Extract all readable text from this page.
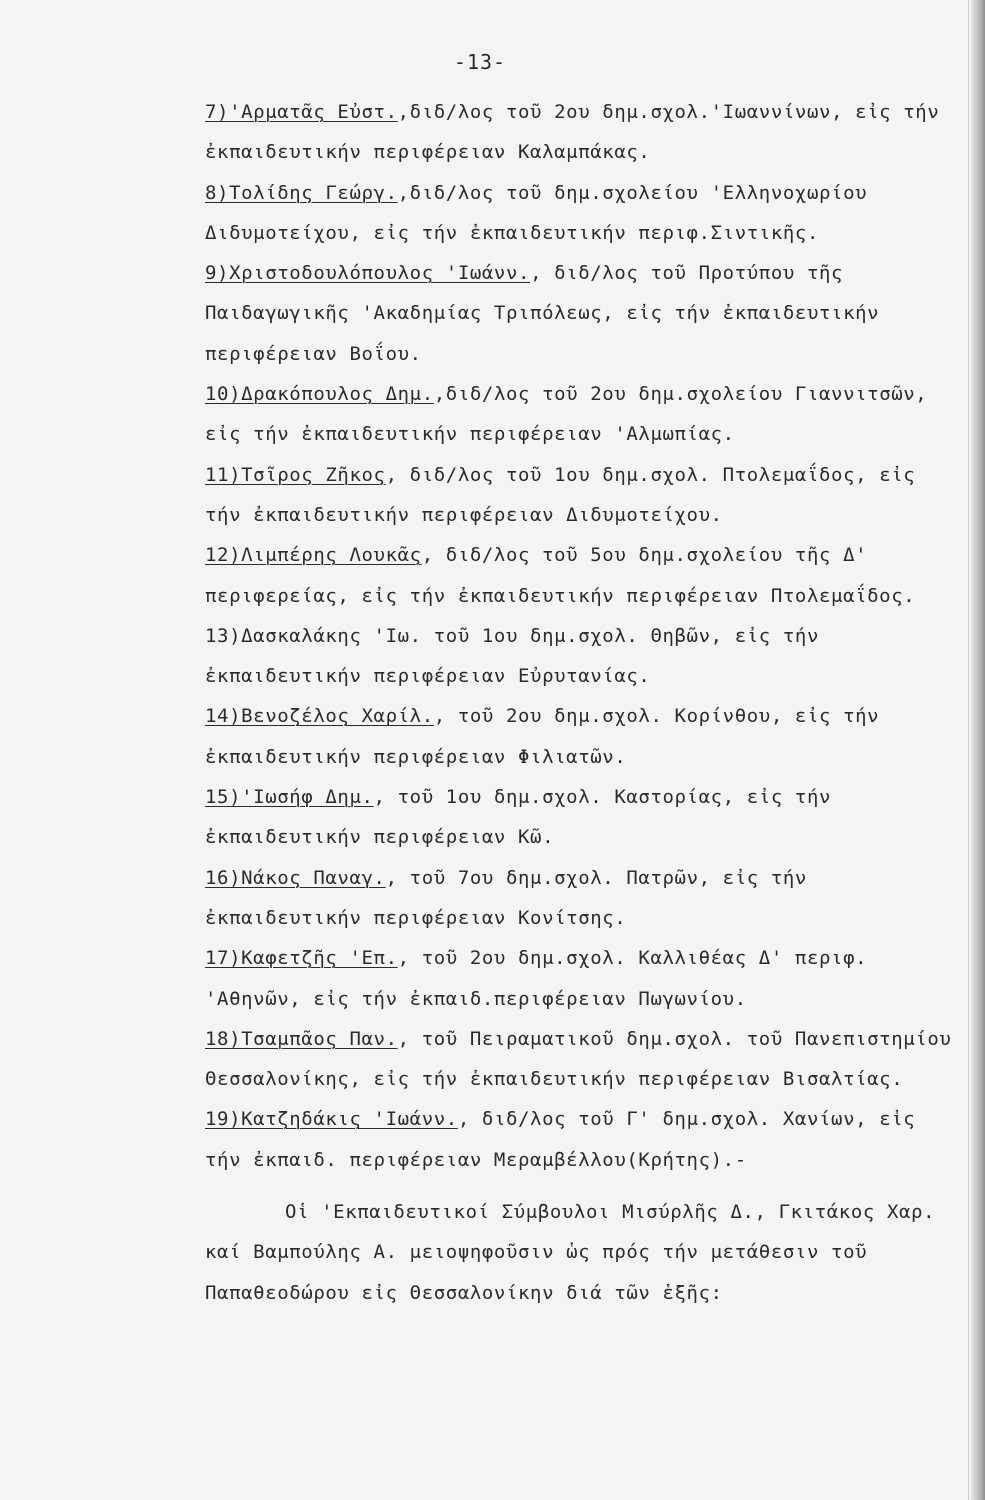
-13-

7)'Αρματᾶς Εὐστ.,διδ/λος τοῦ 2ου δημ.σχολ.'Ιωαννίνων, εἰς τήν ἐκπαιδευτικήν περιφέρειαν Καλαμπάκας.

8)Τολίδης Γεώργ.,διδ/λος τοῦ δημ.σχολείου 'Ελληνοχωρίου Διδυμοτείχου, εἰς τήν ἐκπαιδευτικήν περιφ.Σιντικῆς.

9)Χριστοδουλόπουλος 'Ιωάνν., διδ/λος τοῦ Προτύπου τῆς Παιδαγωγικῆς 'Ακαδημίας Τριπόλεως, εἰς τήν ἐκπαιδευτικήν περιφέρειαν Βοΐου.

10)Δρακόπουλος Δημ.,διδ/λος τοῦ 2ου δημ.σχολείου Γιαννιτσῶν, εἰς τήν ἐκπαιδευτικήν περιφέρειαν 'Αλμωπίας.

11)Τσῖρος Ζῆκος, διδ/λος τοῦ 1ου δημ.σχολ. Πτολεμαΐδος, εἰς τήν ἐκπαιδευτικήν περιφέρειαν Διδυμοτείχου.

12)Λιμπέρης Λουκᾶς, διδ/λος τοῦ 5ου δημ.σχολείου τῆς Δ' περιφερείας, εἰς τήν ἐκπαιδευτικήν περιφέρειαν Πτολεμαΐδος.

13)Δασκαλάκης 'Ιω. τοῦ 1ου δημ.σχολ. Θηβῶν, εἰς τήν ἐκπαιδευτικήν περιφέρειαν Εὐρυτανίας.

14)Βενοζέλος Χαρίλ., τοῦ 2ου δημ.σχολ. Κορίνθου, εἰς τήν ἐκπαιδευτικήν περιφέρειαν Φιλιατῶν.

15)'Ιωσήφ Δημ., τοῦ 1ου δημ.σχολ. Καστορίας, εἰς τήν ἐκπαιδευτικήν περιφέρειαν Κῶ.

16)Νάκος Παναγ., τοῦ 7ου δημ.σχολ. Πατρῶν, εἰς τήν ἐκπαιδευτικήν περιφέρειαν Κονίτσης.

17)Καφετζῆς 'Επ., τοῦ 2ου δημ.σχολ. Καλλιθέας Δ' περιφ. 'Αθηνῶν, εἰς τήν ἐκπαιδ.περιφέρειαν Πωγωνίου.

18)Τσαμπᾶος Παν., τοῦ Πειραματικοῦ δημ.σχολ. τοῦ Πανεπιστημίου Θεσσαλονίκης, εἰς τήν ἐκπαιδευτικήν περιφέρειαν Βισαλτίας.

19)Κατζηδάκις 'Ιωάνν., διδ/λος τοῦ Γ' δημ.σχολ. Χανίων, εἰς τήν ἐκπαιδ. περιφέρειαν Μεραμβέλλου(Κρήτης).-

Οἱ 'Εκπαιδευτικοί Σύμβουλοι Μισύρλῆς Δ., Γκιτάκος Χαρ. καί Βαμπούλης Α. μειοψηφοῦσιν ὡς πρός τήν μετάθεσιν τοῦ Παπαθεοδώρου εἰς Θεσσαλονίκην διά τῶν ἑξῆς:
